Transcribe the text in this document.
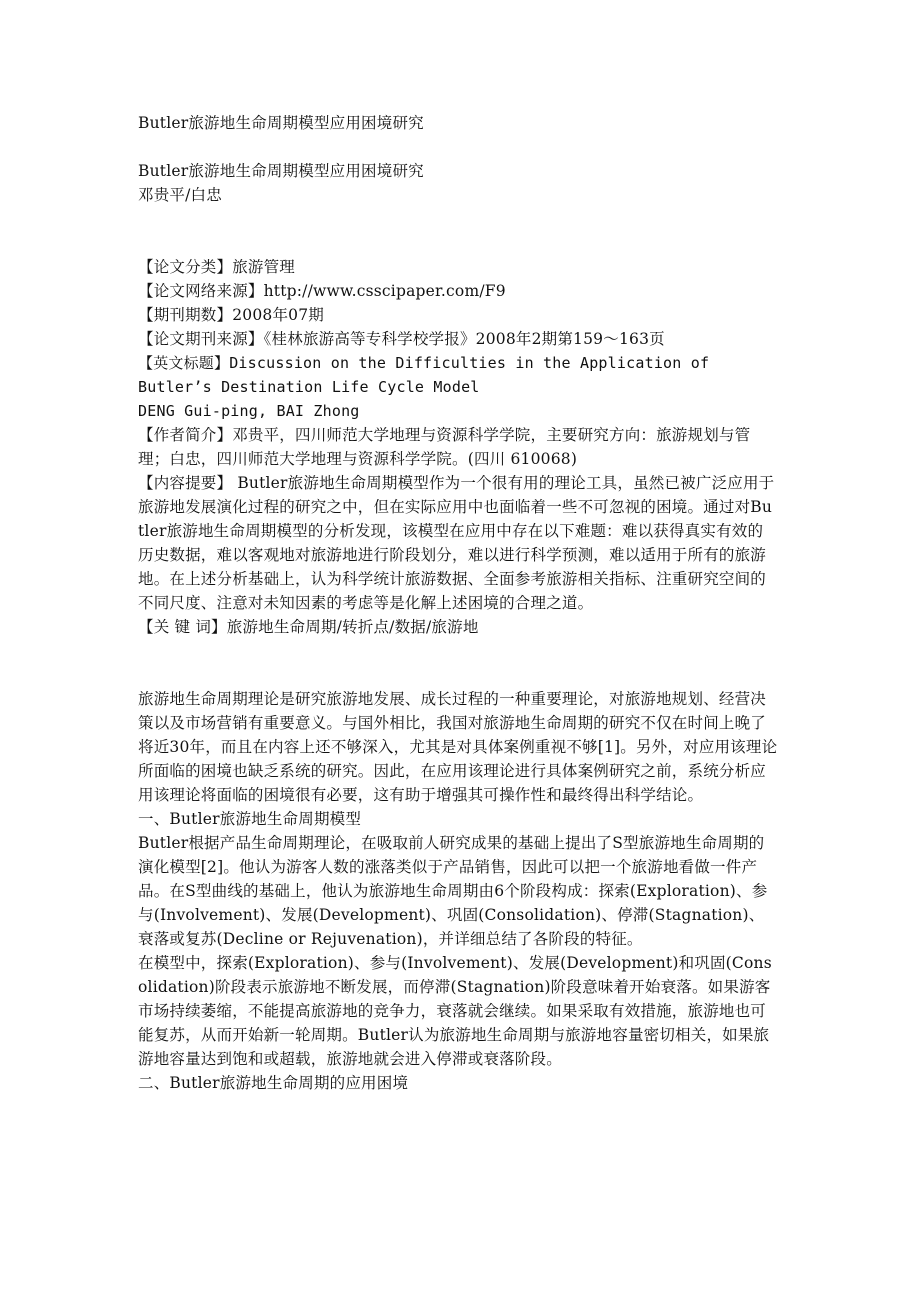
Butler旅游地生命周期模型应用困境研究
Butler旅游地生命周期模型应用困境研究
邓贵平/白忠
【论文分类】旅游管理
【论文网络来源】http://www.csscipaper.com/F9
【期刊期数】2008年07期
【论文期刊来源】《桂林旅游高等专科学校学报》2008年2期第159～163页
【英文标题】Discussion on the Difficulties in the Application of
Butler’s Destination Life Cycle Model
DENG Gui-ping, BAI Zhong
【作者简介】邓贵平，四川师范大学地理与资源科学学院，主要研究方向：旅游规划与管理；白忠，四川师范大学地理与资源科学学院。(四川 610068)
【内容提要】 Butler旅游地生命周期模型作为一个很有用的理论工具，虽然已被广泛应用于旅游地发展演化过程的研究之中，但在实际应用中也面临着一些不可忽视的困境。通过对Butler旅游地生命周期模型的分析发现，该模型在应用中存在以下难题：难以获得真实有效的历史数据，难以客观地对旅游地进行阶段划分，难以进行科学预测，难以适用于所有的旅游地。在上述分析基础上，认为科学统计旅游数据、全面参考旅游相关指标、注重研究空间的不同尺度、注意对未知因素的考虑等是化解上述困境的合理之道。
【关 键 词】旅游地生命周期/转折点/数据/旅游地
旅游地生命周期理论是研究旅游地发展、成长过程的一种重要理论，对旅游地规划、经营决策以及市场营销有重要意义。与国外相比，我国对旅游地生命周期的研究不仅在时间上晚了将近30年，而且在内容上还不够深入，尤其是对具体案例重视不够[1]。另外，对应用该理论所面临的困境也缺乏系统的研究。因此，在应用该理论进行具体案例研究之前，系统分析应用该理论将面临的困境很有必要，这有助于增强其可操作性和最终得出科学结论。
一、Butler旅游地生命周期模型
Butler根据产品生命周期理论，在吸取前人研究成果的基础上提出了S型旅游地生命周期的演化模型[2]。他认为游客人数的涨落类似于产品销售，因此可以把一个旅游地看做一件产品。在S型曲线的基础上，他认为旅游地生命周期由6个阶段构成：探索(Exploration)、参与(Involvement)、发展(Development)、巩固(Consolidation)、停滞(Stagnation)、衰落或复苏(Decline or Rejuvenation)，并详细总结了各阶段的特征。
在模型中，探索(Exploration)、参与(Involvement)、发展(Development)和巩固(Consolidation)阶段表示旅游地不断发展，而停滞(Stagnation)阶段意味着开始衰落。如果游客市场持续萎缩，不能提高旅游地的竞争力，衰落就会继续。如果采取有效措施，旅游地也可能复苏，从而开始新一轮周期。Butler认为旅游地生命周期与旅游地容量密切相关，如果旅游地容量达到饱和或超载，旅游地就会进入停滞或衰落阶段。
二、Butler旅游地生命周期的应用困境
